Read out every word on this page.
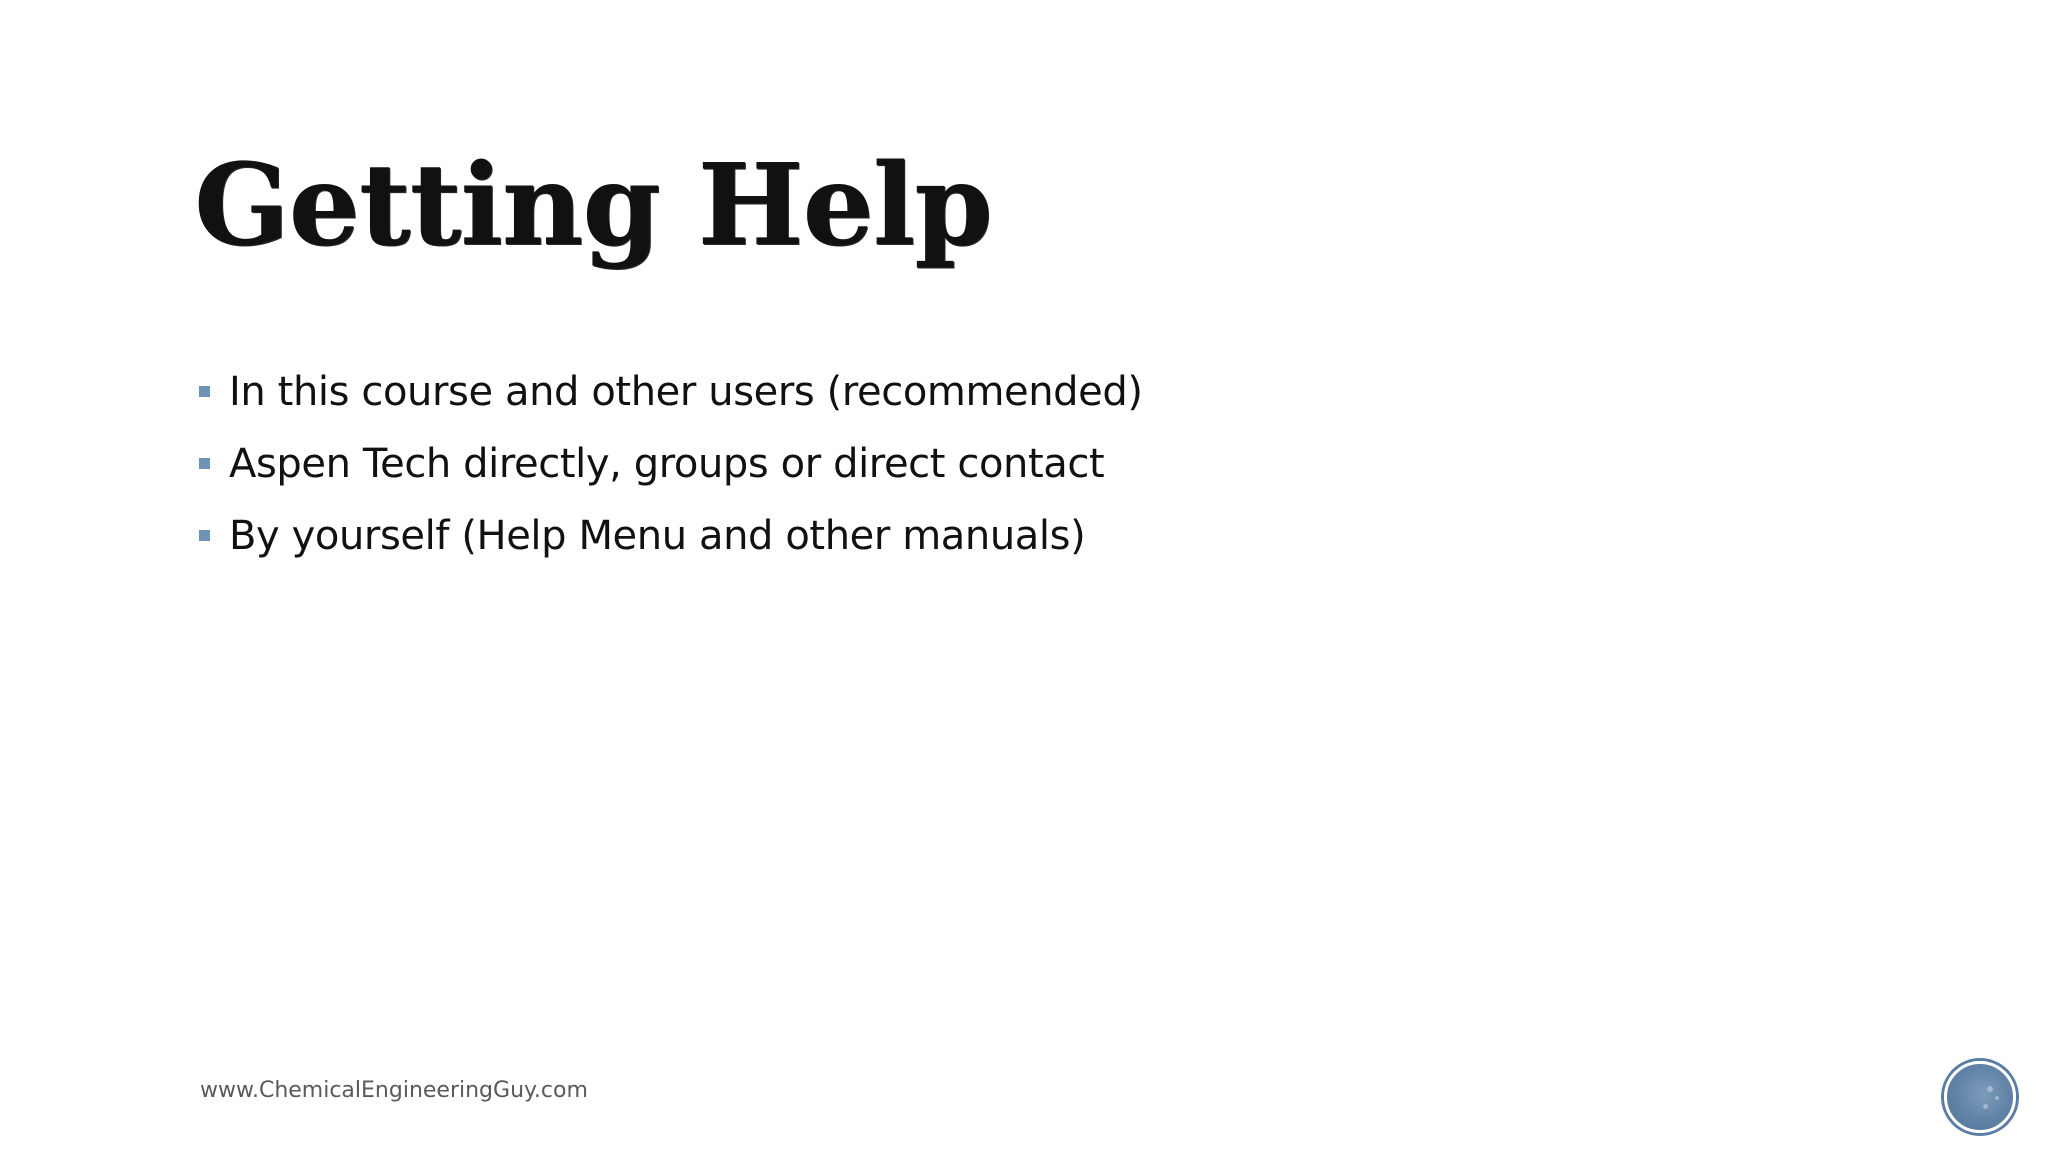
Getting Help
In this course and other users (recommended)
Aspen Tech directly, groups or direct contact
By yourself (Help Menu and other manuals)
www.ChemicalEngineeringGuy.com
